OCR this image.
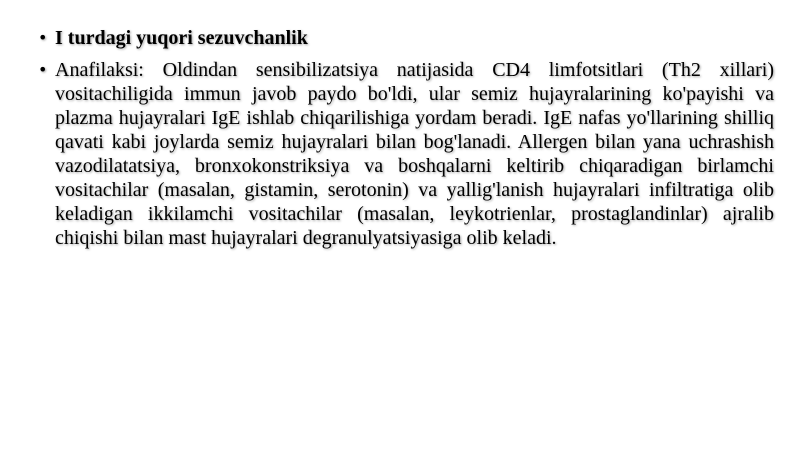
• I turdagi yuqori sezuvchanlik
• Anafilaksi: Oldindan sensibilizatsiya natijasida CD4 limfotsitlari (Th2 xillari) vositachiligida immun javob paydo bo'ldi, ular semiz hujayralarining ko'payishi va plazma hujayralari IgE ishlab chiqarilishiga yordam beradi. IgE nafas yo'llarining shilliq qavati kabi joylarda semiz hujayralari bilan bog'lanadi. Allergen bilan yana uchrashish vazodilatatsiya, bronxokonstriksiya va boshqalarni keltirib chiqaradigan birlamchi vositachilar (masalan, gistamin, serotonin) va yallig'lanish hujayralari infiltratiga olib keladigan ikkilamchi vositachilar (masalan, leykotrienlar, prostaglandinlar) ajralib chiqishi bilan mast hujayralari degranulyatsiyasiga olib keladi.
